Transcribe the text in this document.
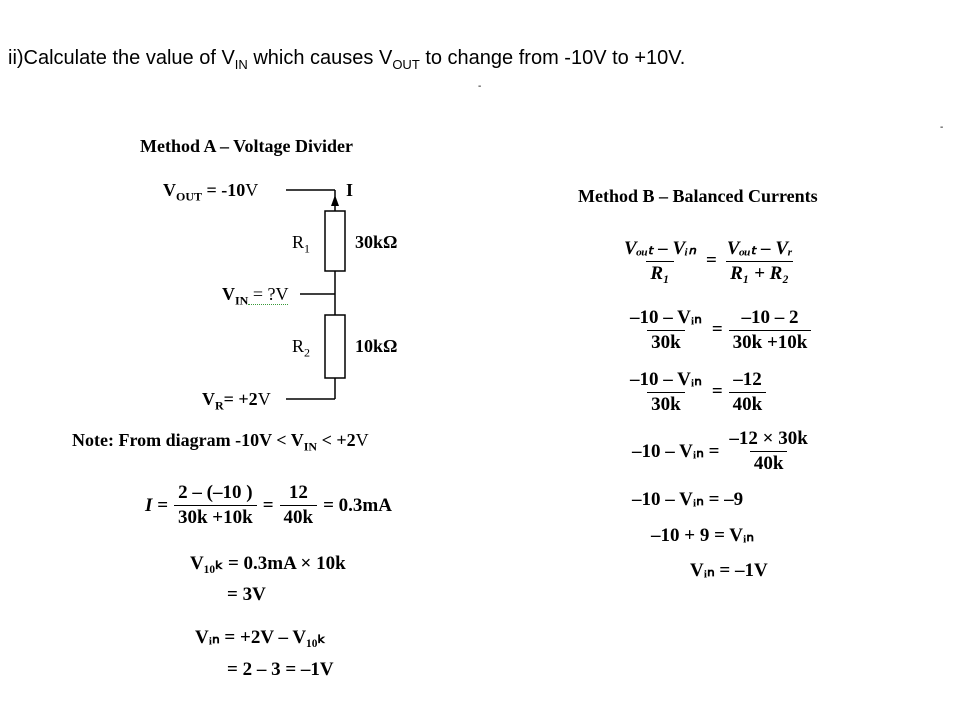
ii)Calculate the value of $V_{IN}$ which causes $V_{OUT}$ to change from -10V to +10V.
-
-
Method A – Voltage Divider
$V_{OUT} = -10V$	I
$R_1$ 30kΩ
$V_{IN}$ = ?V
$R_2$ 10kΩ
$V_R= +2V$
Note: From diagram $-10V < V_{IN} < +2V$
$I = \frac{2 - (-10 )}{30k +10k} = \frac{12}{40k} = 0.3mA$
V₁₀ₖ = 0.3mA × 10k
= 3V
Vᵢₙ = +2V – V₁₀ₖ
= 2 – 3 = –1V
Method B – Balanced Currents
$\frac{\text{Vₒᵤₜ – Vᵢₙ}}{\text{R₁}} = \frac{\text{Vₒᵤₜ – Vᵣ}}{\text{R₁ + R₂}}$
$\frac{\text{–10 – Vᵢₙ}}{30k} = \frac{-10 - 2}{30k +10k}$
$\frac{\text{–10 – Vᵢₙ}}{30k} = \frac{-12}{40k}$
–10 – Vᵢₙ = $\frac{-12 \times 30k}{40k}$
–10 – Vᵢₙ = –9
–10 + 9 = Vᵢₙ
Vᵢₙ = –1V
